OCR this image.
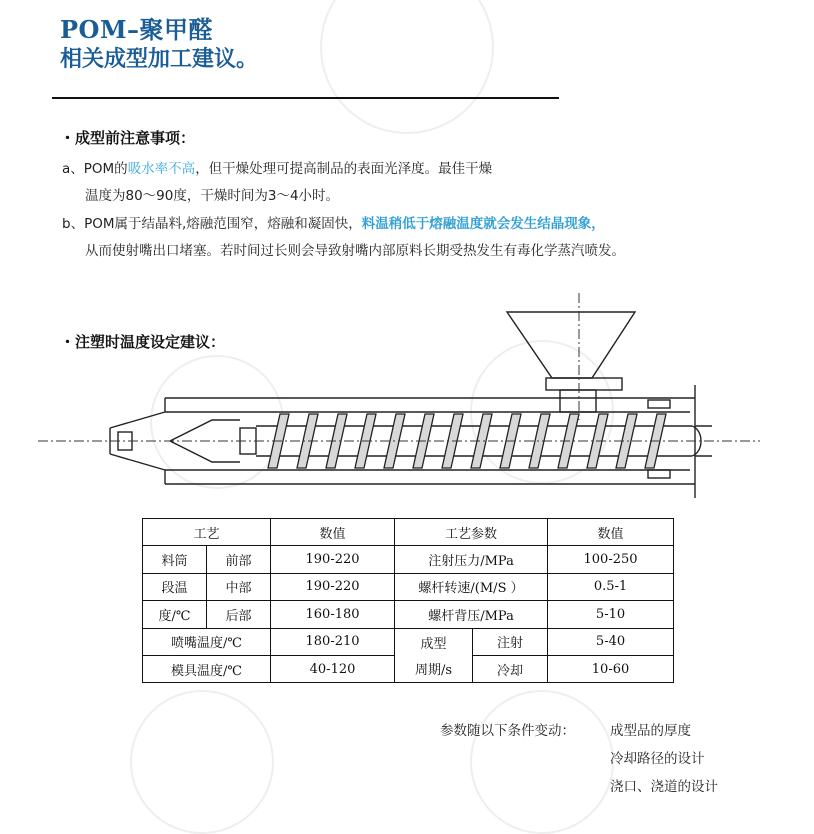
POM–聚甲醛
相关成型加工建议。
・成型前注意事项：
a、POM的吸水率不高，但干燥处理可提高制品的表面光泽度。最佳干燥
温度为80～90度，干燥时间为3～4小时。
b、POM属于结晶料,熔融范围窄，熔融和凝固快，料温稍低于熔融温度就会发生结晶现象，
从而使射嘴出口堵塞。若时间过长则会导致射嘴内部原料长期受热发生有毒化学蒸汽喷发。
・注塑时温度设定建议：
工艺		数值	工艺参数		数值
料筒	前部	190-220	注射压力/MPa		100-250
段温	中部	190-220	螺杆转速/(M/S ）		0.5-1
度/℃	后部	160-180	螺杆背压/MPa		5-10
喷嘴温度/℃		180-210	成型	注射	5-40
模具温度/℃		40-120	周期/s	冷却	10-60
参数随以下条件变动：	成型品的厚度
冷却路径的设计
浇口、浇道的设计
